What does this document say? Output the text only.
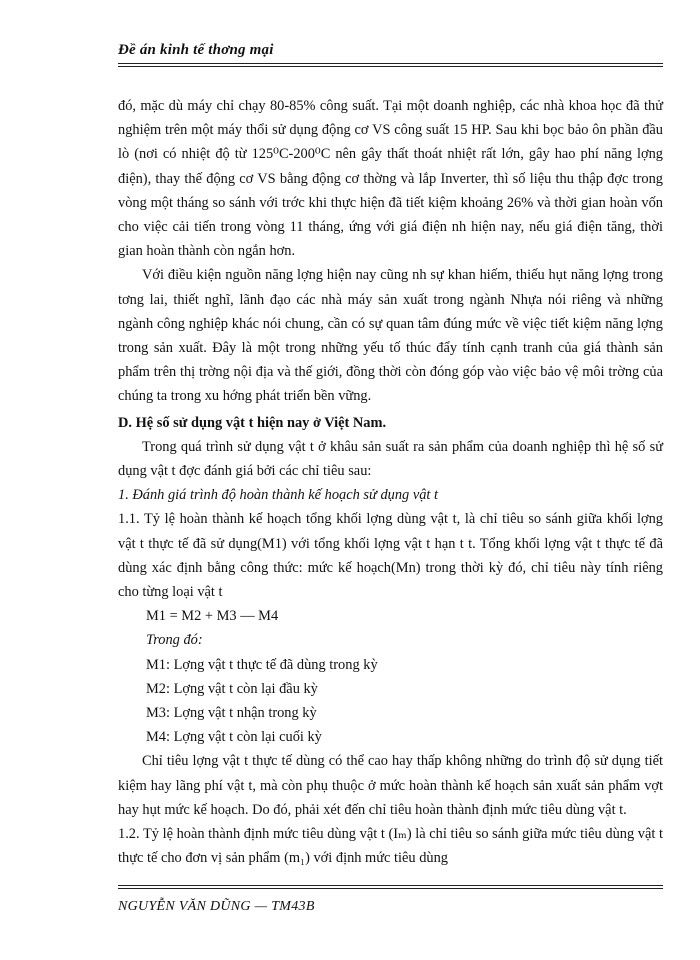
Đề án kinh tế thơng mại

đó, mặc dù máy chỉ chạy 80-85% công suất. Tại một doanh nghiệp, các nhà khoa học đã thử nghiệm trên một máy thổi sử dụng động cơ VS công suất 15 HP. Sau khi bọc bảo ôn phần đầu lò (nơi có nhiệt độ từ 125⁰C-200⁰C nên gây thất thoát nhiệt rất lớn, gây hao phí năng lợng điện), thay thế động cơ VS bằng động cơ thờng và lắp Inverter, thì số liệu thu thập đợc trong vòng một tháng so sánh với trớc khi thực hiện đã tiết kiệm khoảng 26% và thời gian hoàn vốn cho việc cải tiến trong vòng 11 tháng, ứng với giá điện nh hiện nay, nếu giá điện tăng, thời gian hoàn thành còn ngắn hơn.

Với điều kiện nguồn năng lợng hiện nay cũng nh sự khan hiếm, thiếu hụt năng lợng trong tơng lai, thiết nghĩ, lãnh đạo các nhà máy sản xuất trong ngành Nhựa nói riêng và những ngành công nghiệp khác nói chung, cần có sự quan tâm đúng mức về việc tiết kiệm năng lợng trong sản xuất. Đây là một trong những yếu tố thúc đẩy tính cạnh tranh của giá thành sản phẩm trên thị trờng nội địa và thế giới, đồng thời còn đóng góp vào việc bảo vệ môi trờng của chúng ta trong xu hớng phát triển bền vững.

D. Hệ số sử dụng vật t hiện nay ở Việt Nam.

Trong quá trình sử dụng vật t ở khâu sản suất ra sản phẩm của doanh nghiệp thì hệ số sử dụng vật t đợc đánh giá bởi các chỉ tiêu sau:

1. Đánh giá trình độ hoàn thành kế hoạch sử dụng vật t

1.1. Tỷ lệ hoàn thành kế hoạch tổng khối lợng dùng vật t, là chỉ tiêu so sánh giữa khối lợng vật t thực tế đã sử dụng(M1) với tổng khối lợng vật t hạn t t. Tổng khối lợng vật t thực tế đã dùng xác định bằng công thức: mức kế hoạch(Mn) trong thời kỳ đó, chỉ tiêu này tính riêng cho từng loại vật t

M1 = M2 + M3 — M4

Trong đó:

M1: Lợng vật t thực tế đã dùng trong kỳ

M2: Lợng vật t còn lại đầu kỳ

M3: Lợng vật t nhận trong kỳ

M4: Lợng vật t còn lại cuối kỳ

Chỉ tiêu lợng vật t thực tế dùng có thể cao hay thấp không những do trình độ sử dụng tiết kiệm hay lãng phí vật t, mà còn phụ thuộc ở mức hoàn thành kế hoạch sản xuất sản phẩm vợt hay hụt mức kế hoạch. Do đó, phải xét đến chỉ tiêu hoàn thành định mức tiêu dùng vật t.

1.2. Tỷ lệ hoàn thành định mức tiêu dùng vật t (Iₘ) là chỉ tiêu so sánh giữa mức tiêu dùng vật t thực tế cho đơn vị sản phẩm (m₁) với định mức tiêu dùng

NGUYỄN VĂN DŨNG — TM43B
